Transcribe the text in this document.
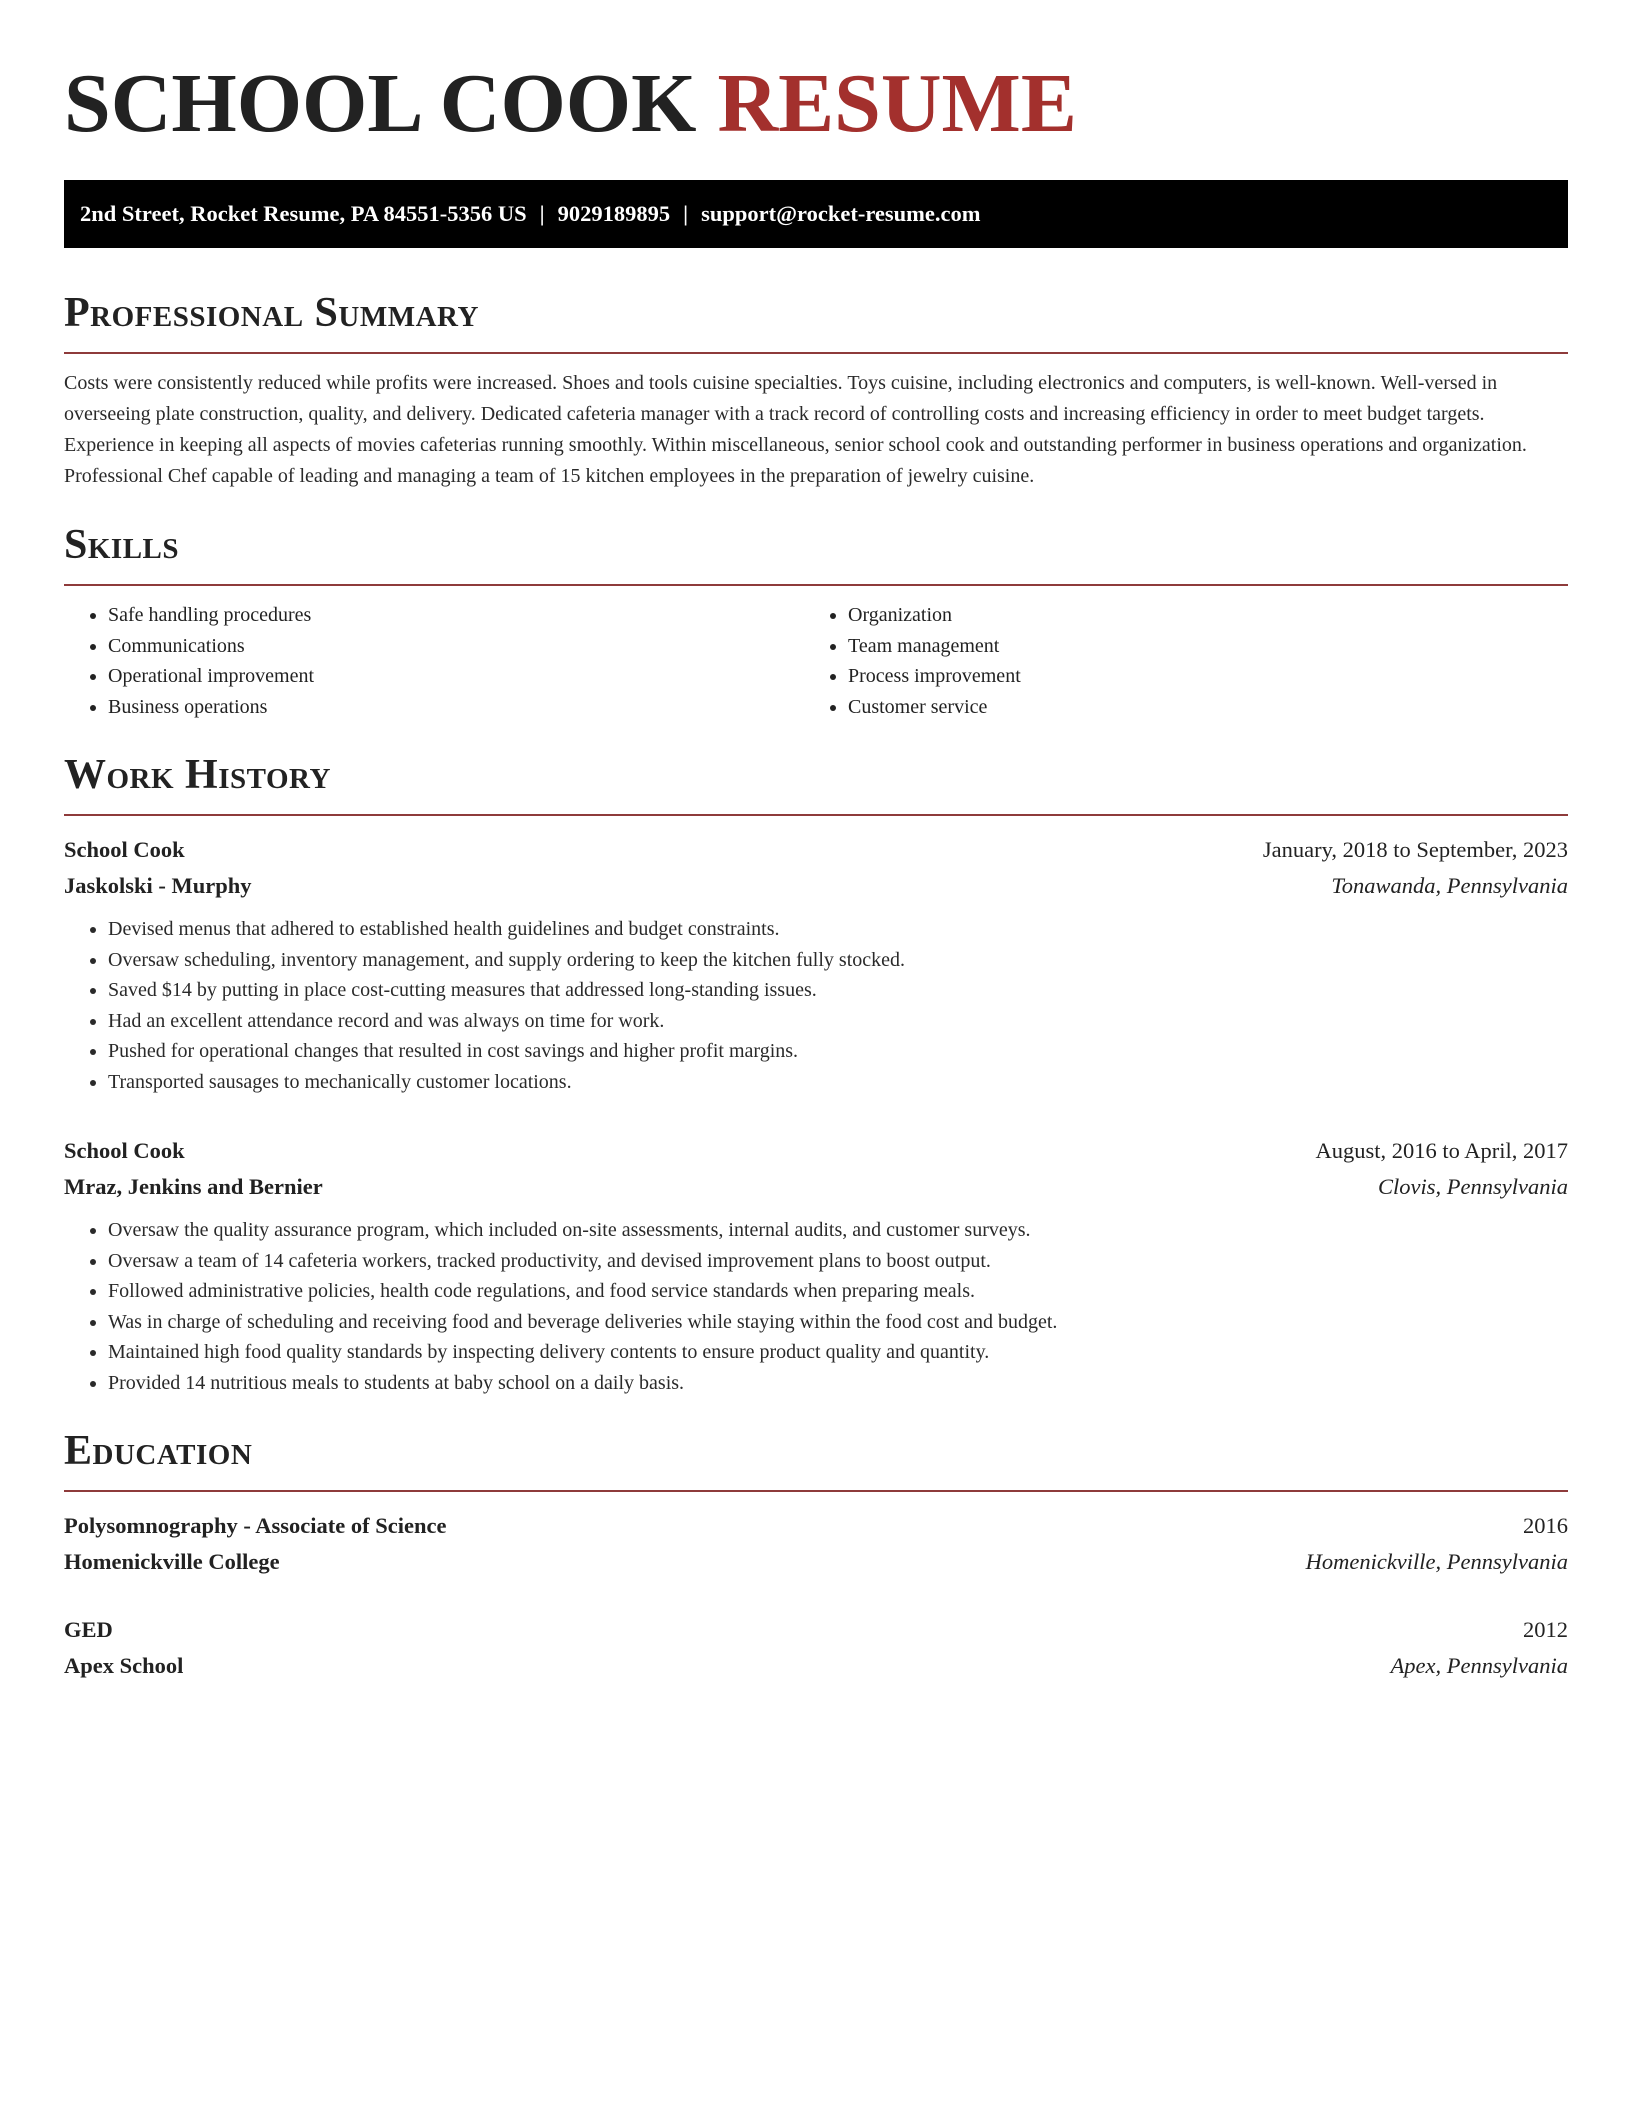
SCHOOL COOK RESUME
2nd Street, Rocket Resume, PA 84551-5356 US | 9029189895 | support@rocket-resume.com
Professional Summary

Costs were consistently reduced while profits were increased. Shoes and tools cuisine specialties. Toys cuisine, including electronics and computers, is well-known. Well-versed in overseeing plate construction, quality, and delivery. Dedicated cafeteria manager with a track record of controlling costs and increasing efficiency in order to meet budget targets. Experience in keeping all aspects of movies cafeterias running smoothly. Within miscellaneous, senior school cook and outstanding performer in business operations and organization. Professional Chef capable of leading and managing a team of 15 kitchen employees in the preparation of jewelry cuisine.

Skills
• Safe handling procedures
• Communications
• Operational improvement
• Business operations
• Organization
• Team management
• Process improvement
• Customer service
Work History
School Cook	January, 2018 to September, 2023
Jaskolski - Murphy	Tonawanda, Pennsylvania
• Devised menus that adhered to established health guidelines and budget constraints.
• Oversaw scheduling, inventory management, and supply ordering to keep the kitchen fully stocked.
• Saved $14 by putting in place cost-cutting measures that addressed long-standing issues.
• Had an excellent attendance record and was always on time for work.
• Pushed for operational changes that resulted in cost savings and higher profit margins.
• Transported sausages to mechanically customer locations.
School Cook	August, 2016 to April, 2017
Mraz, Jenkins and Bernier	Clovis, Pennsylvania
• Oversaw the quality assurance program, which included on-site assessments, internal audits, and customer surveys.
• Oversaw a team of 14 cafeteria workers, tracked productivity, and devised improvement plans to boost output.
• Followed administrative policies, health code regulations, and food service standards when preparing meals.
• Was in charge of scheduling and receiving food and beverage deliveries while staying within the food cost and budget.
• Maintained high food quality standards by inspecting delivery contents to ensure product quality and quantity.
• Provided 14 nutritious meals to students at baby school on a daily basis.
Education
Polysomnography - Associate of Science	2016
Homenickville College	Homenickville, Pennsylvania
GED	2012
Apex School	Apex, Pennsylvania
